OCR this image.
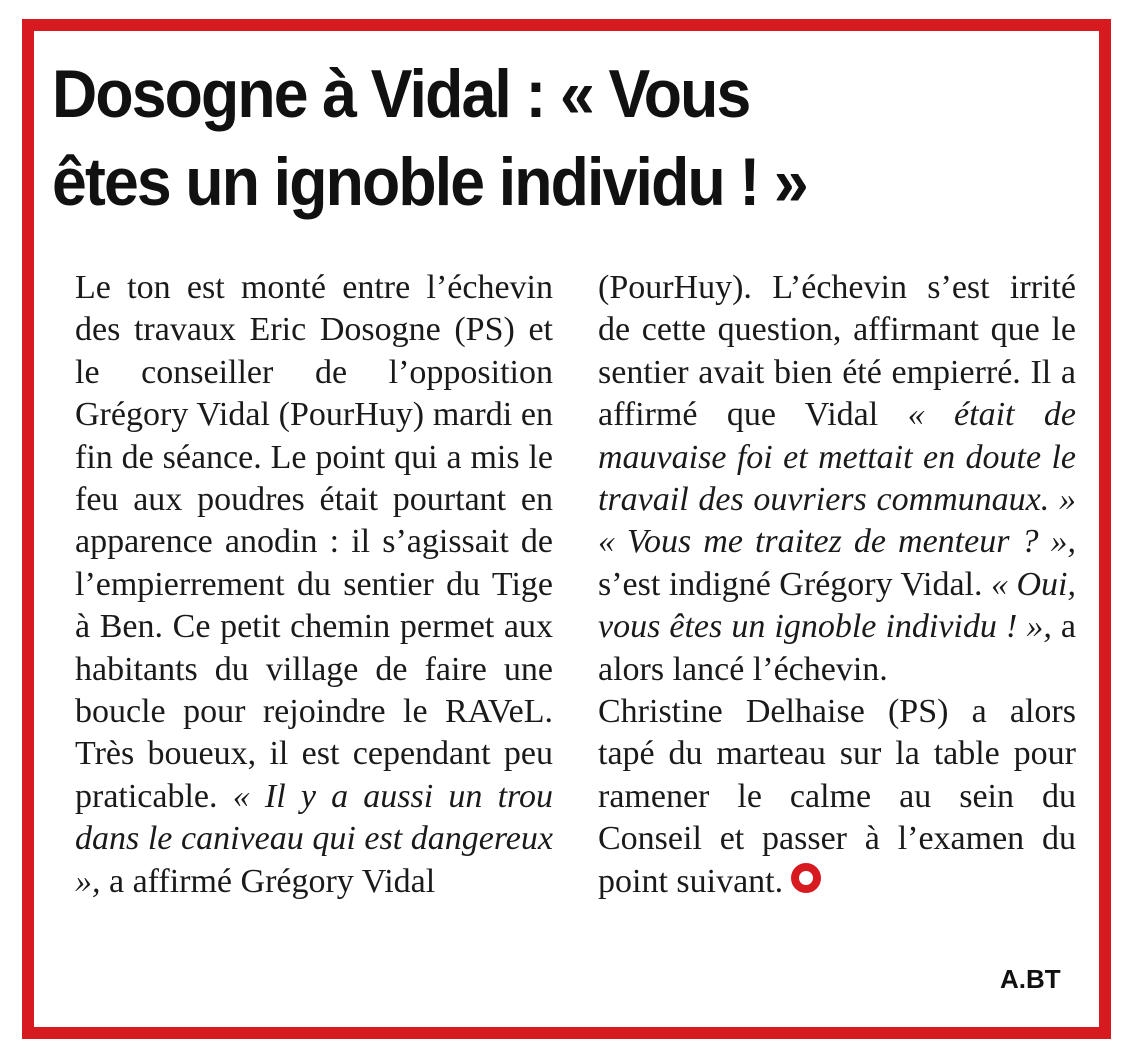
Dosogne à Vidal : « Vous
êtes un ignoble individu ! »

Le ton est monté entre l’échevin des travaux Eric Dosogne (PS) et le conseiller de l’opposition Grégory Vidal (PourHuy) mardi en fin de séance. Le point qui a mis le feu aux poudres était pourtant en apparence anodin : il s’agissait de l’empierrement du sentier du Tige à Ben. Ce petit chemin permet aux habitants du village de faire une boucle pour rejoindre le RAVeL. Très boueux, il est cependant peu praticable. « Il y a aussi un trou dans le caniveau qui est dangereux », a affirmé Grégory Vidal

(PourHuy). L’échevin s’est irrité de cette question, affirmant que le sentier avait bien été empierré. Il a affirmé que Vidal « était de mauvaise foi et mettait en doute le travail des ouvriers communaux. » « Vous me traitez de menteur ? », s’est indigné Grégory Vidal. « Oui, vous êtes un ignoble individu ! », a alors lancé l’échevin.

Christine Delhaise (PS) a alors tapé du marteau sur la table pour ramener le calme au sein du Conseil et passer à l’examen du point suivant.

A.BT
